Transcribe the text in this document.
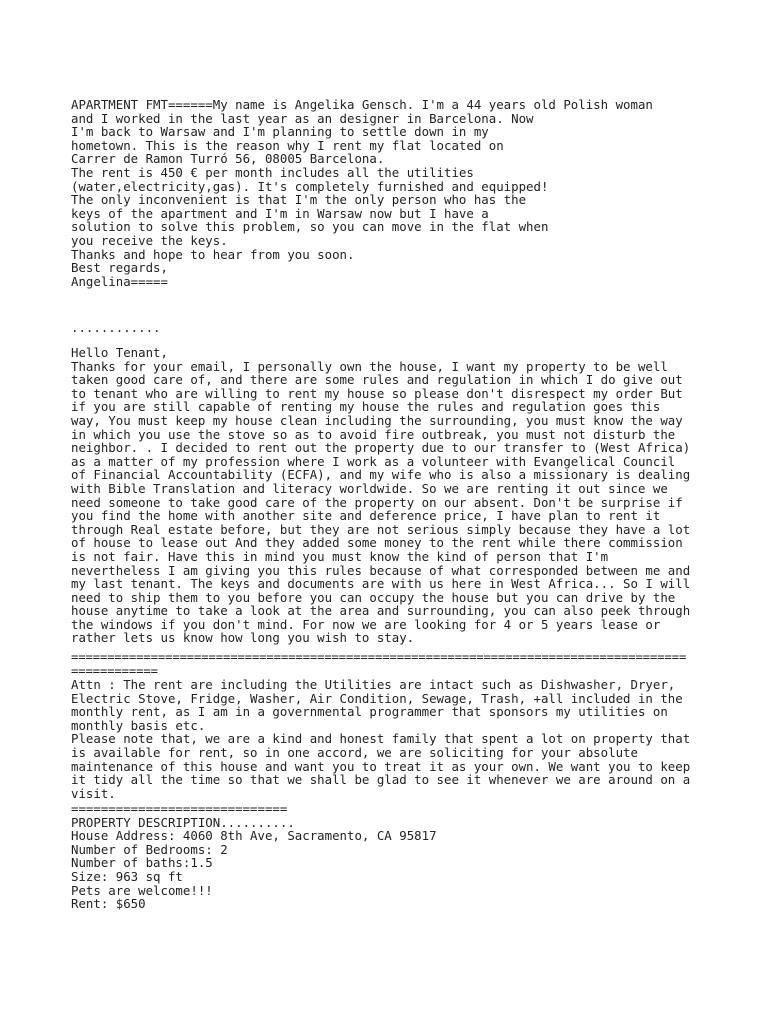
APARTMENT FMT======My name is Angelika Gensch. I'm a 44 years old Polish woman
and I worked in the last year as an designer in Barcelona. Now
I'm back to Warsaw and I'm planning to settle down in my
hometown. This is the reason why I rent my flat located on
Carrer de Ramon Turró 56, 08005 Barcelona.
The rent is 450 € per month includes all the utilities
(water,electricity,gas). It's completely furnished and equipped!
The only inconvenient is that I'm the only person who has the
keys of the apartment and I'm in Warsaw now but I have a
solution to solve this problem, so you can move in the flat when
you receive the keys.
Thanks and hope to hear from you soon.
Best regards,
Angelina=====
............
Hello Tenant,
Thanks for your email, I personally own the house, I want my property to be well
taken good care of, and there are some rules and regulation in which I do give out
to tenant who are willing to rent my house so please don't disrespect my order But
if you are still capable of renting my house the rules and regulation goes this
way, You must keep my house clean including the surrounding, you must know the way
in which you use the stove so as to avoid fire outbreak, you must not disturb the
neighbor. . I decided to rent out the property due to our transfer to (West Africa)
as a matter of my profession where I work as a volunteer with Evangelical Council
of Financial Accountability (ECFA), and my wife who is also a missionary is dealing
with Bible Translation and literacy worldwide. So we are renting it out since we
need someone to take good care of the property on our absent. Don't be surprise if
you find the home with another site and deference price, I have plan to rent it
through Real estate before, but they are not serious simply because they have a lot
of house to lease out And they added some money to the rent while there commission
is not fair. Have this in mind you must know the kind of person that I'm
nevertheless I am giving you this rules because of what corresponded between me and
my last tenant. The keys and documents are with us here in West Africa... So I will
need to ship them to you before you can occupy the house but you can drive by the
house anytime to take a look at the area and surrounding, you can also peek through
the windows if you don't mind. For now we are looking for 4 or 5 years lease or
rather lets us know how long you wish to stay.
=====================================================================================
============
Attn : The rent are including the Utilities are intact such as Dishwasher, Dryer,
Electric Stove, Fridge, Washer, Air Condition, Sewage, Trash, +all included in the
monthly rent, as I am in a governmental programmer that sponsors my utilities on
monthly basis etc.
Please note that, we are a kind and honest family that spent a lot on property that
is available for rent, so in one accord, we are soliciting for your absolute
maintenance of this house and want you to treat it as your own. We want you to keep
it tidy all the time so that we shall be glad to see it whenever we are around on a
visit.
=============================
PROPERTY DESCRIPTION..........
House Address: 4060 8th Ave, Sacramento, CA 95817
Number of Bedrooms: 2
Number of baths:1.5
Size: 963 sq ft
Pets are welcome!!!
Rent: $650
